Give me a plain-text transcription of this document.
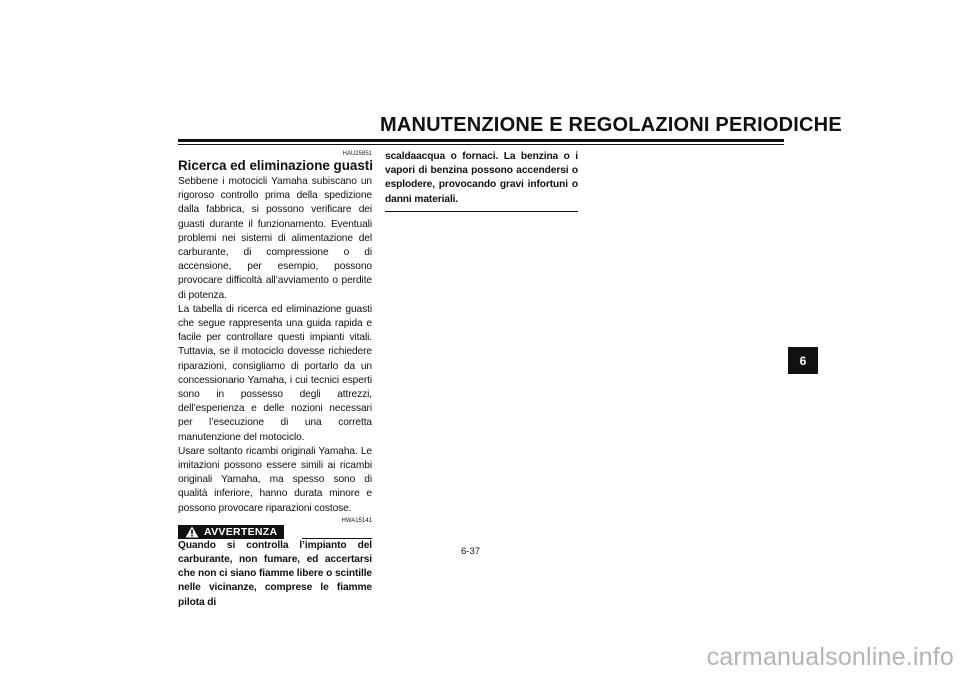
MANUTENZIONE E REGOLAZIONI PERIODICHE
HAU25851
Ricerca ed eliminazione guasti

Sebbene i motocicli Yamaha subiscano un rigoroso controllo prima della spedizione dalla fabbrica, si possono verificare dei guasti durante il funzionamento. Eventuali problemi nei sistemi di alimentazione del carburante, di compressione o di accensione, per esempio, possono provocare difficoltà all’avviamento o perdite di potenza.

La tabella di ricerca ed eliminazione guasti che segue rappresenta una guida rapida e facile per controllare questi impianti vitali. Tuttavia, se il motociclo dovesse richiedere riparazioni, consigliamo di portarlo da un concessionario Yamaha, i cui tecnici esperti sono in possesso degli attrezzi, dell’esperienza e delle nozioni necessari per l’esecuzione di una corretta manutenzione del motociclo.

Usare soltanto ricambi originali Yamaha. Le imitazioni possono essere simili ai ricambi originali Yamaha, ma spesso sono di qualità inferiore, hanno durata minore e possono provocare riparazioni costose.

AVVERTENZA
HWA15141

Quando si controlla l’impianto del carburante, non fumare, ed accertarsi che non ci siano fiamme libere o scintille nelle vicinanze, comprese le fiamme pilota di

scaldaacqua o fornaci. La benzina o i vapori di benzina possono accendersi o esplodere, provocando gravi infortuni o danni materiali.

6
6-37
carmanualsonline.info
